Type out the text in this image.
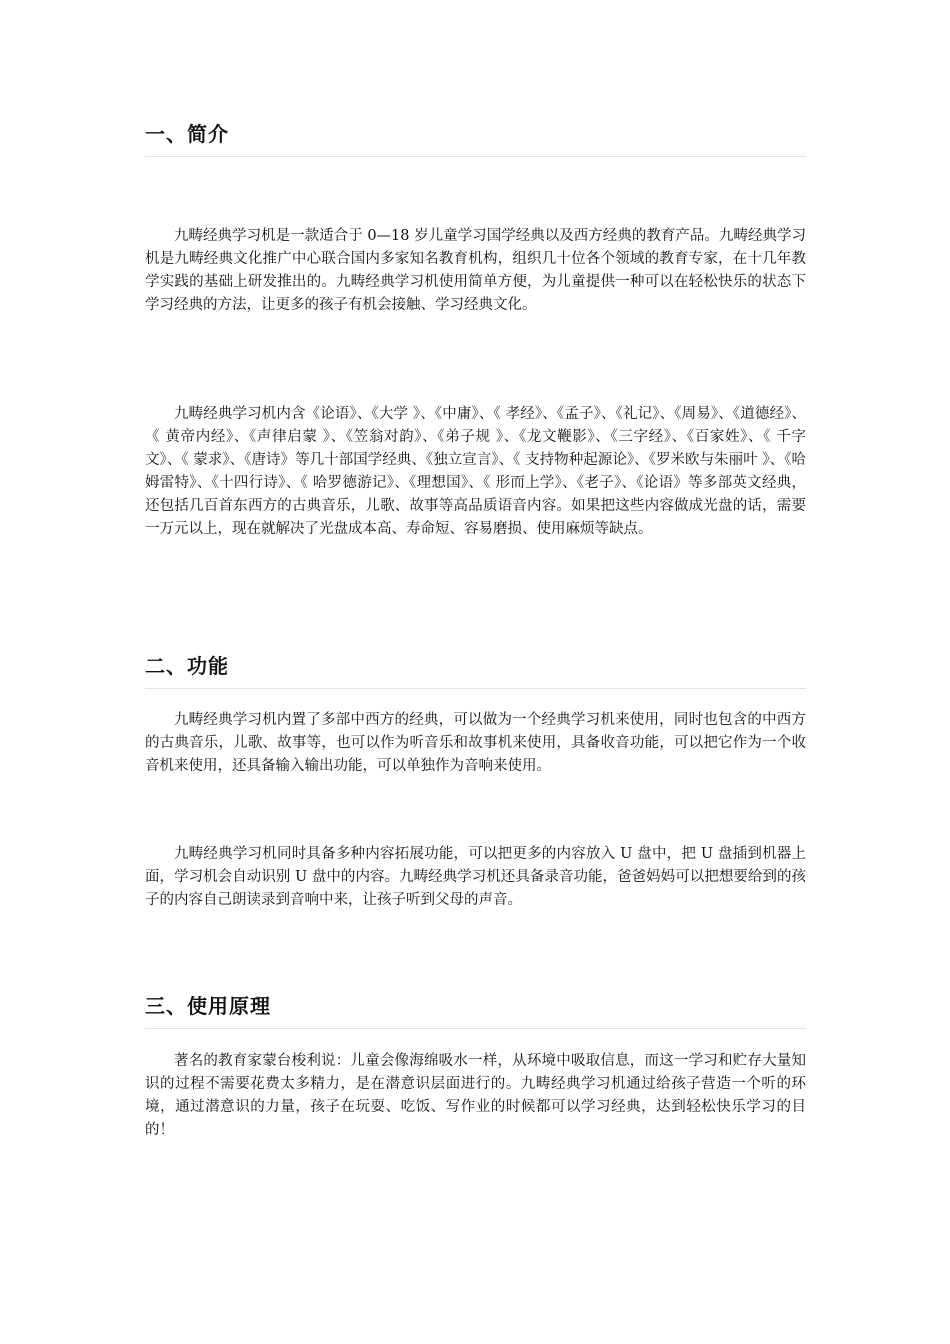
一、简介

九畴经典学习机是一款适合于 0—18 岁儿童学习国学经典以及西方经典的教育产品。九畴经典学习机是九畴经典文化推广中心联合国内多家知名教育机构，组织几十位各个领域的教育专家，在十几年教学实践的基础上研发推出的。九畴经典学习机使用简单方便，为儿童提供一种可以在轻松快乐的状态下学习经典的方法，让更多的孩子有机会接触、学习经典文化。

九畴经典学习机内含《论语》、《大学 》、《中庸》、《 孝经》、《孟子》、《礼记》、《周易》、《道德经》、《 黄帝内经》、《声律启蒙 》、《笠翁对韵》、《弟子规 》、《龙文鞭影》、《三字经》、《百家姓》、《 千字文》、《 蒙求》、《唐诗》等几十部国学经典、《独立宣言》、《 支持物种起源论》、《罗米欧与朱丽叶 》、《哈姆雷特》、《十四行诗》、《 哈罗德游记》、《理想国》、《 形而上学》、《老子》、《论语》等多部英文经典，还包括几百首东西方的古典音乐，儿歌、故事等高品质语音内容。如果把这些内容做成光盘的话，需要一万元以上，现在就解决了光盘成本高、寿命短、容易磨损、使用麻烦等缺点。

二、功能

九畴经典学习机内置了多部中西方的经典，可以做为一个经典学习机来使用，同时也包含的中西方的古典音乐，儿歌、故事等，也可以作为听音乐和故事机来使用，具备收音功能，可以把它作为一个收音机来使用，还具备输入输出功能，可以单独作为音响来使用。

九畴经典学习机同时具备多种内容拓展功能，可以把更多的内容放入 U 盘中，把 U 盘插到机器上面，学习机会自动识别 U 盘中的内容。九畴经典学习机还具备录音功能，爸爸妈妈可以把想要给到的孩子的内容自己朗读录到音响中来，让孩子听到父母的声音。

三、使用原理

著名的教育家蒙台梭利说：儿童会像海绵吸水一样，从环境中吸取信息，而这一学习和贮存大量知识的过程不需要花费太多精力，是在潜意识层面进行的。九畴经典学习机通过给孩子营造一个听的环境，通过潜意识的力量，孩子在玩耍、吃饭、写作业的时候都可以学习经典，达到轻松快乐学习的目的！
